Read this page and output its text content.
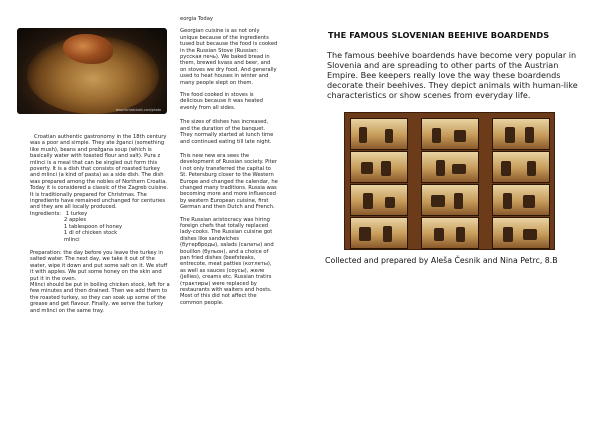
www.ferhatciceki.com/photo
Croatian authentic gastronomy in the 18th century was a poor and simple. They ate žganci (something like mush), beans and prežgana soup (which is basically water with toasted flour and salt). Pura z mlinci is a meal that can be singled out form this poverty. It is a dish that consists of roasted turkey and mlinci (a kind of pasta) as a side dish. The dish was prepared among the nobles of Northern Croatia. Today it is considered a classic of the Zagreb cuisine. It is traditionally prepared for Christmas. The ingredients have remained unchanged for centuries and they are all locally produced.
Ingredients: 1 turkey
2 apples
1 tablespoon of honey
1 dl of chicken stock
mlinci
Preparation: the day before you leave the turkey in salted water. The next day, we take it out of the water, wipe it down and put some salt on it. We stuff it with apples. We put some honey on the skin and put it in the oven.
Mlinci should be put in boiling chicken stock, left for a few minutes and then drained. Then we add them to the roasted turkey, so they can soak up some of the grease and get flavour. Finally, we serve the turkey and mlinci on the same tray.
eorgia Today
Georgian cuisine is as not only unique because of the ingredients tused but because the food is cooked in the Russian Stove (Russian: русская печь). We baked bread in them, brewed kvass and beer, and on stoves we dry food. And generally used to heat houses in winter and many people slept on them.
The food cooked in stoves is delicious because it was heated evenly from all sides.
The sizes of dishes has increased, and the duration of the banquet. They normally started at lunch time and continued eating till late night.
This new new era sees the development of Russian society. Piter I not only transferred the capital to St. Petersburg closer to the Western Europe and changed the calendar, he changed many traditions. Russia was becoming more and more influenced by western European cuisine, first German and then Dutch and French.
The Russian aristocracy was hiring foreign chefs that totally replaced lady-cooks. The Russian cuisine got dishes like sandwiches (бутерброды), salads (салаты) and bouillon (бульон), and a choice of pan fried dishes (beefsteaks, entrecote, meat patties (котлеты), as well as sauces (соусы), желе (jellies), creams etc. Russian tratirs (трактиры) were replaced by restaurants with waiters and hosts. Most of this did not affect the common people.
THE FAMOUS SLOVENIAN BEEHIVE BOARDENDS
The famous beehive boardends have become very popular in Slovenia and are spreading to other parts of the Austrian Empire. Bee keepers really love the way these boardends decorate their beehives. They depict animals with human-like characteristics or show scenes from everyday life.
Collected and prepared by Aleša Česnik and Nina Petrc, 8.B
